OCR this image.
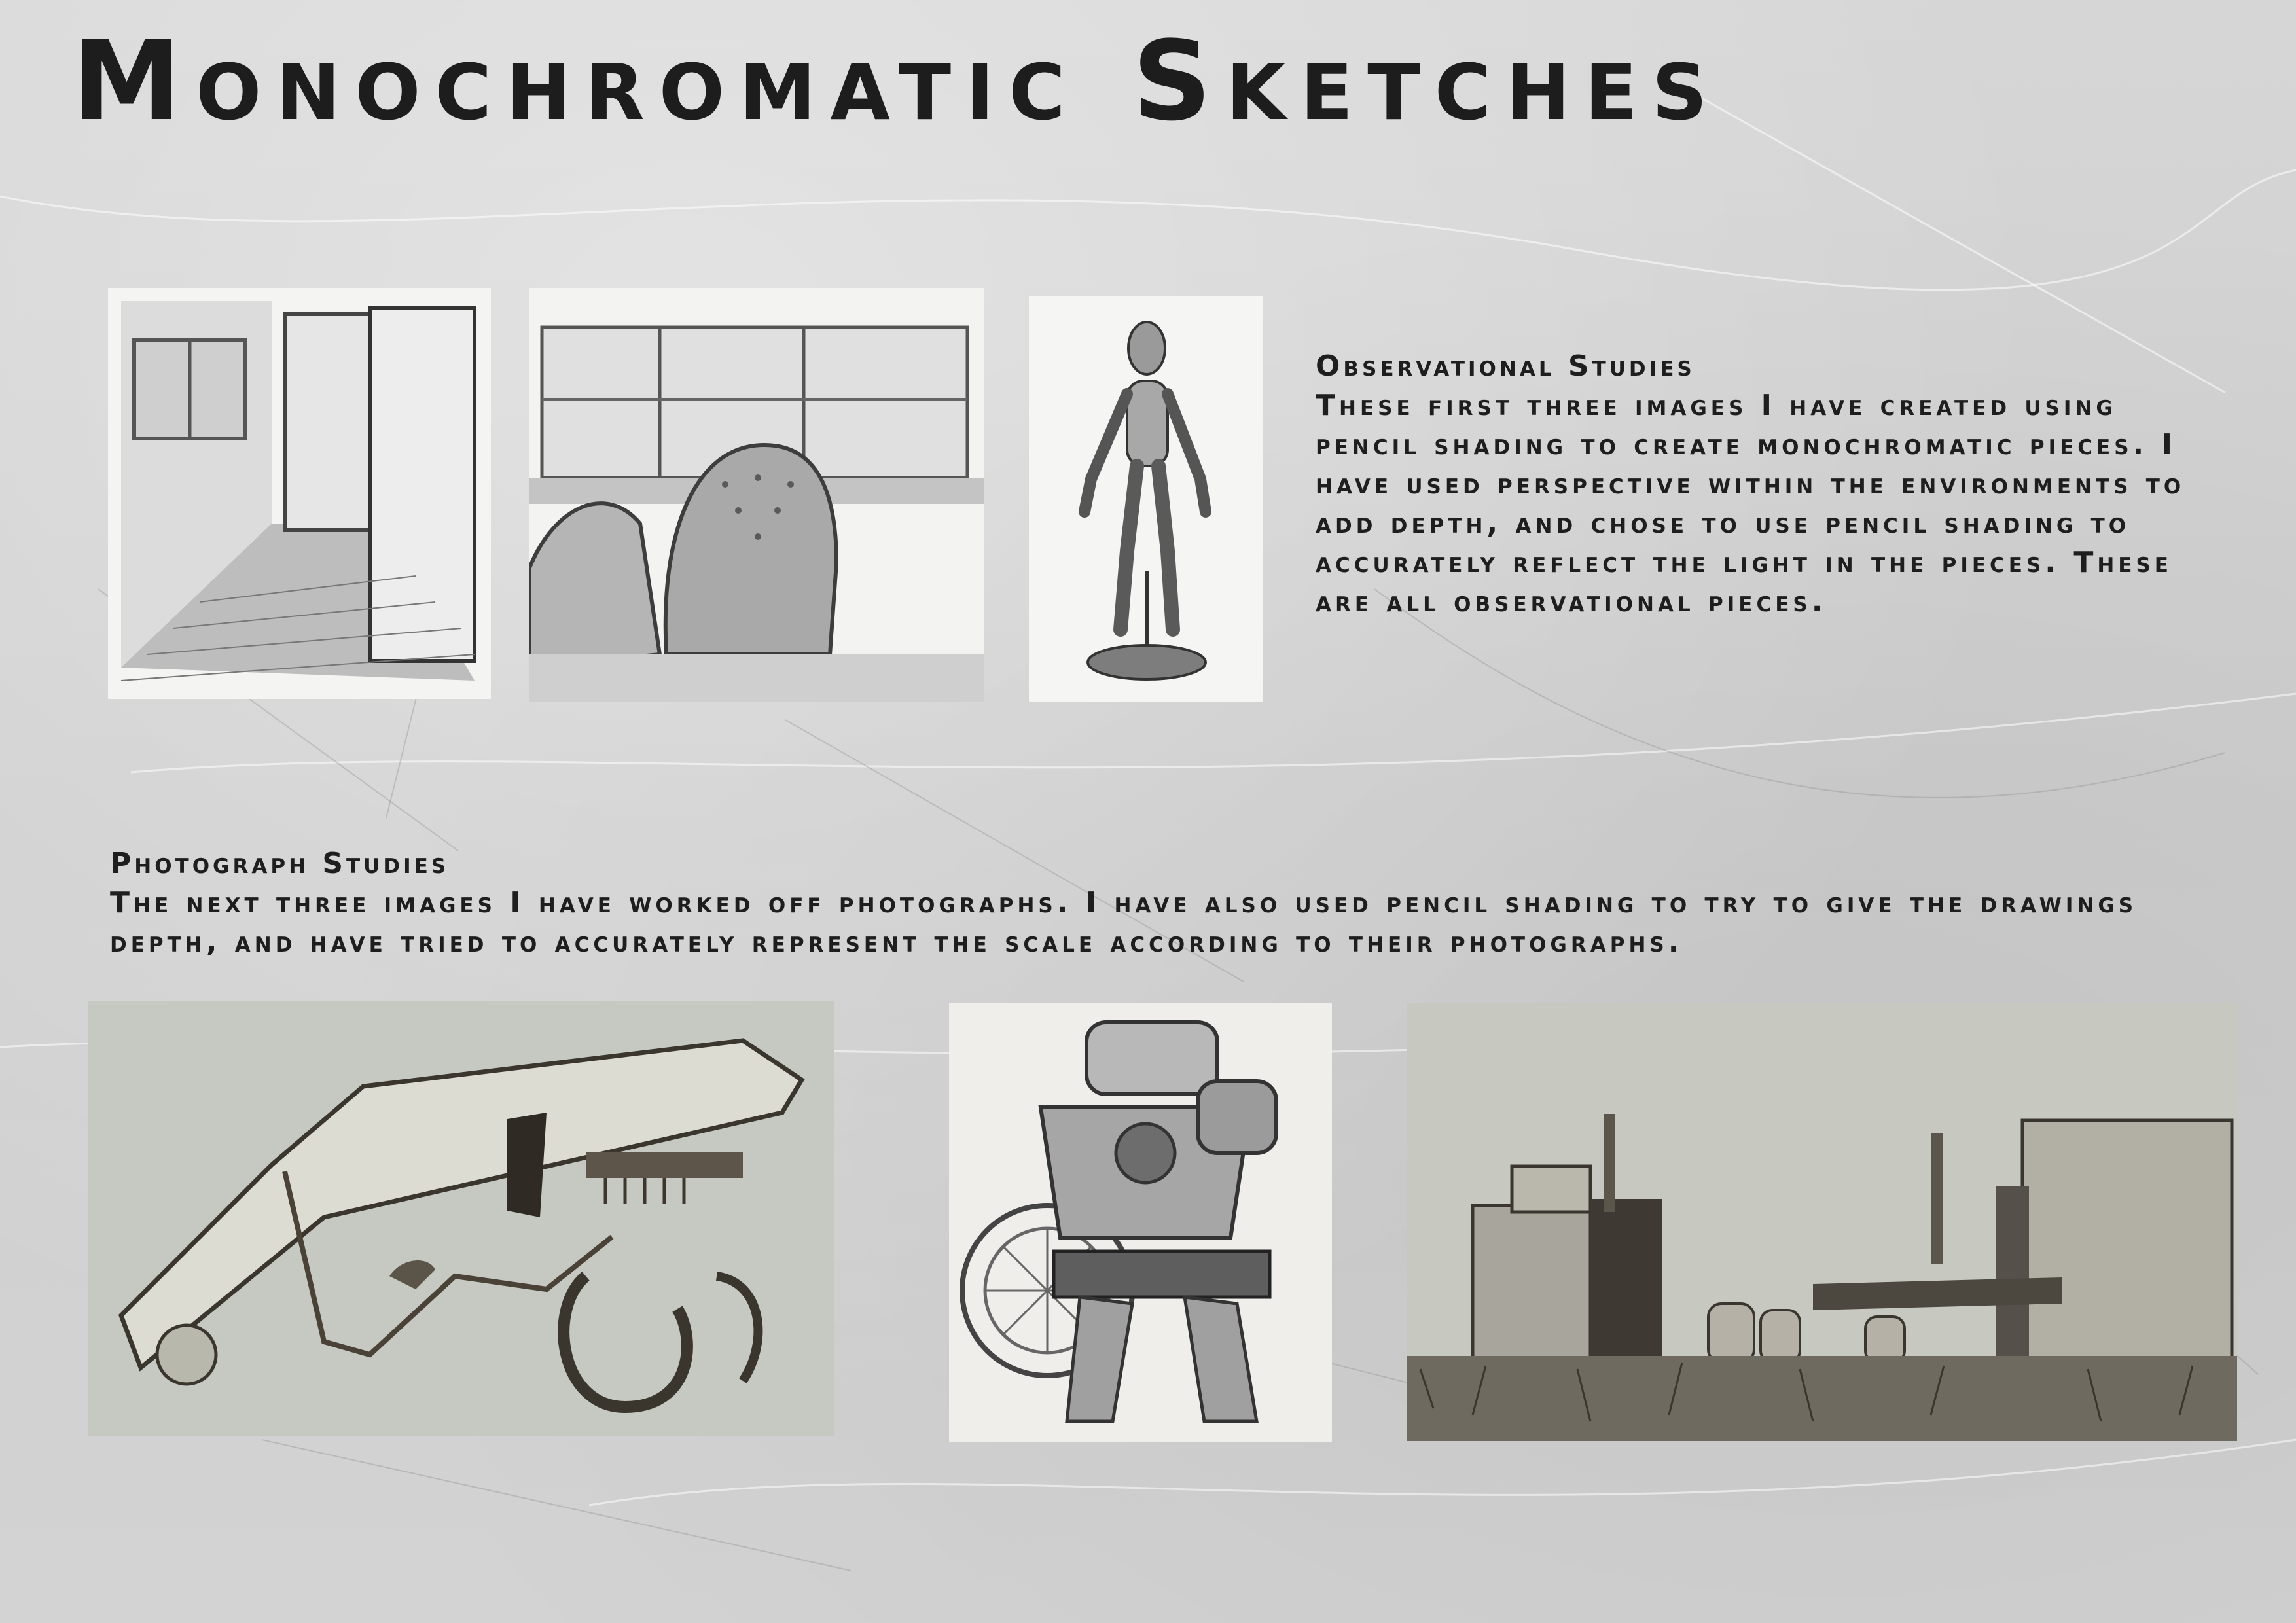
Monochromatic Sketches
Observational Studies
These first three images I have created using pencil shading to create monochromatic pieces. I have used perspective within the environments to add depth, and chose to use pencil shading to accurately reflect the light in the pieces. These are all observational pieces.
Photograph Studies
The next three images I have worked off photographs. I have also used pencil shading to try to give the drawings depth, and have tried to accurately represent the scale according to their photographs.
